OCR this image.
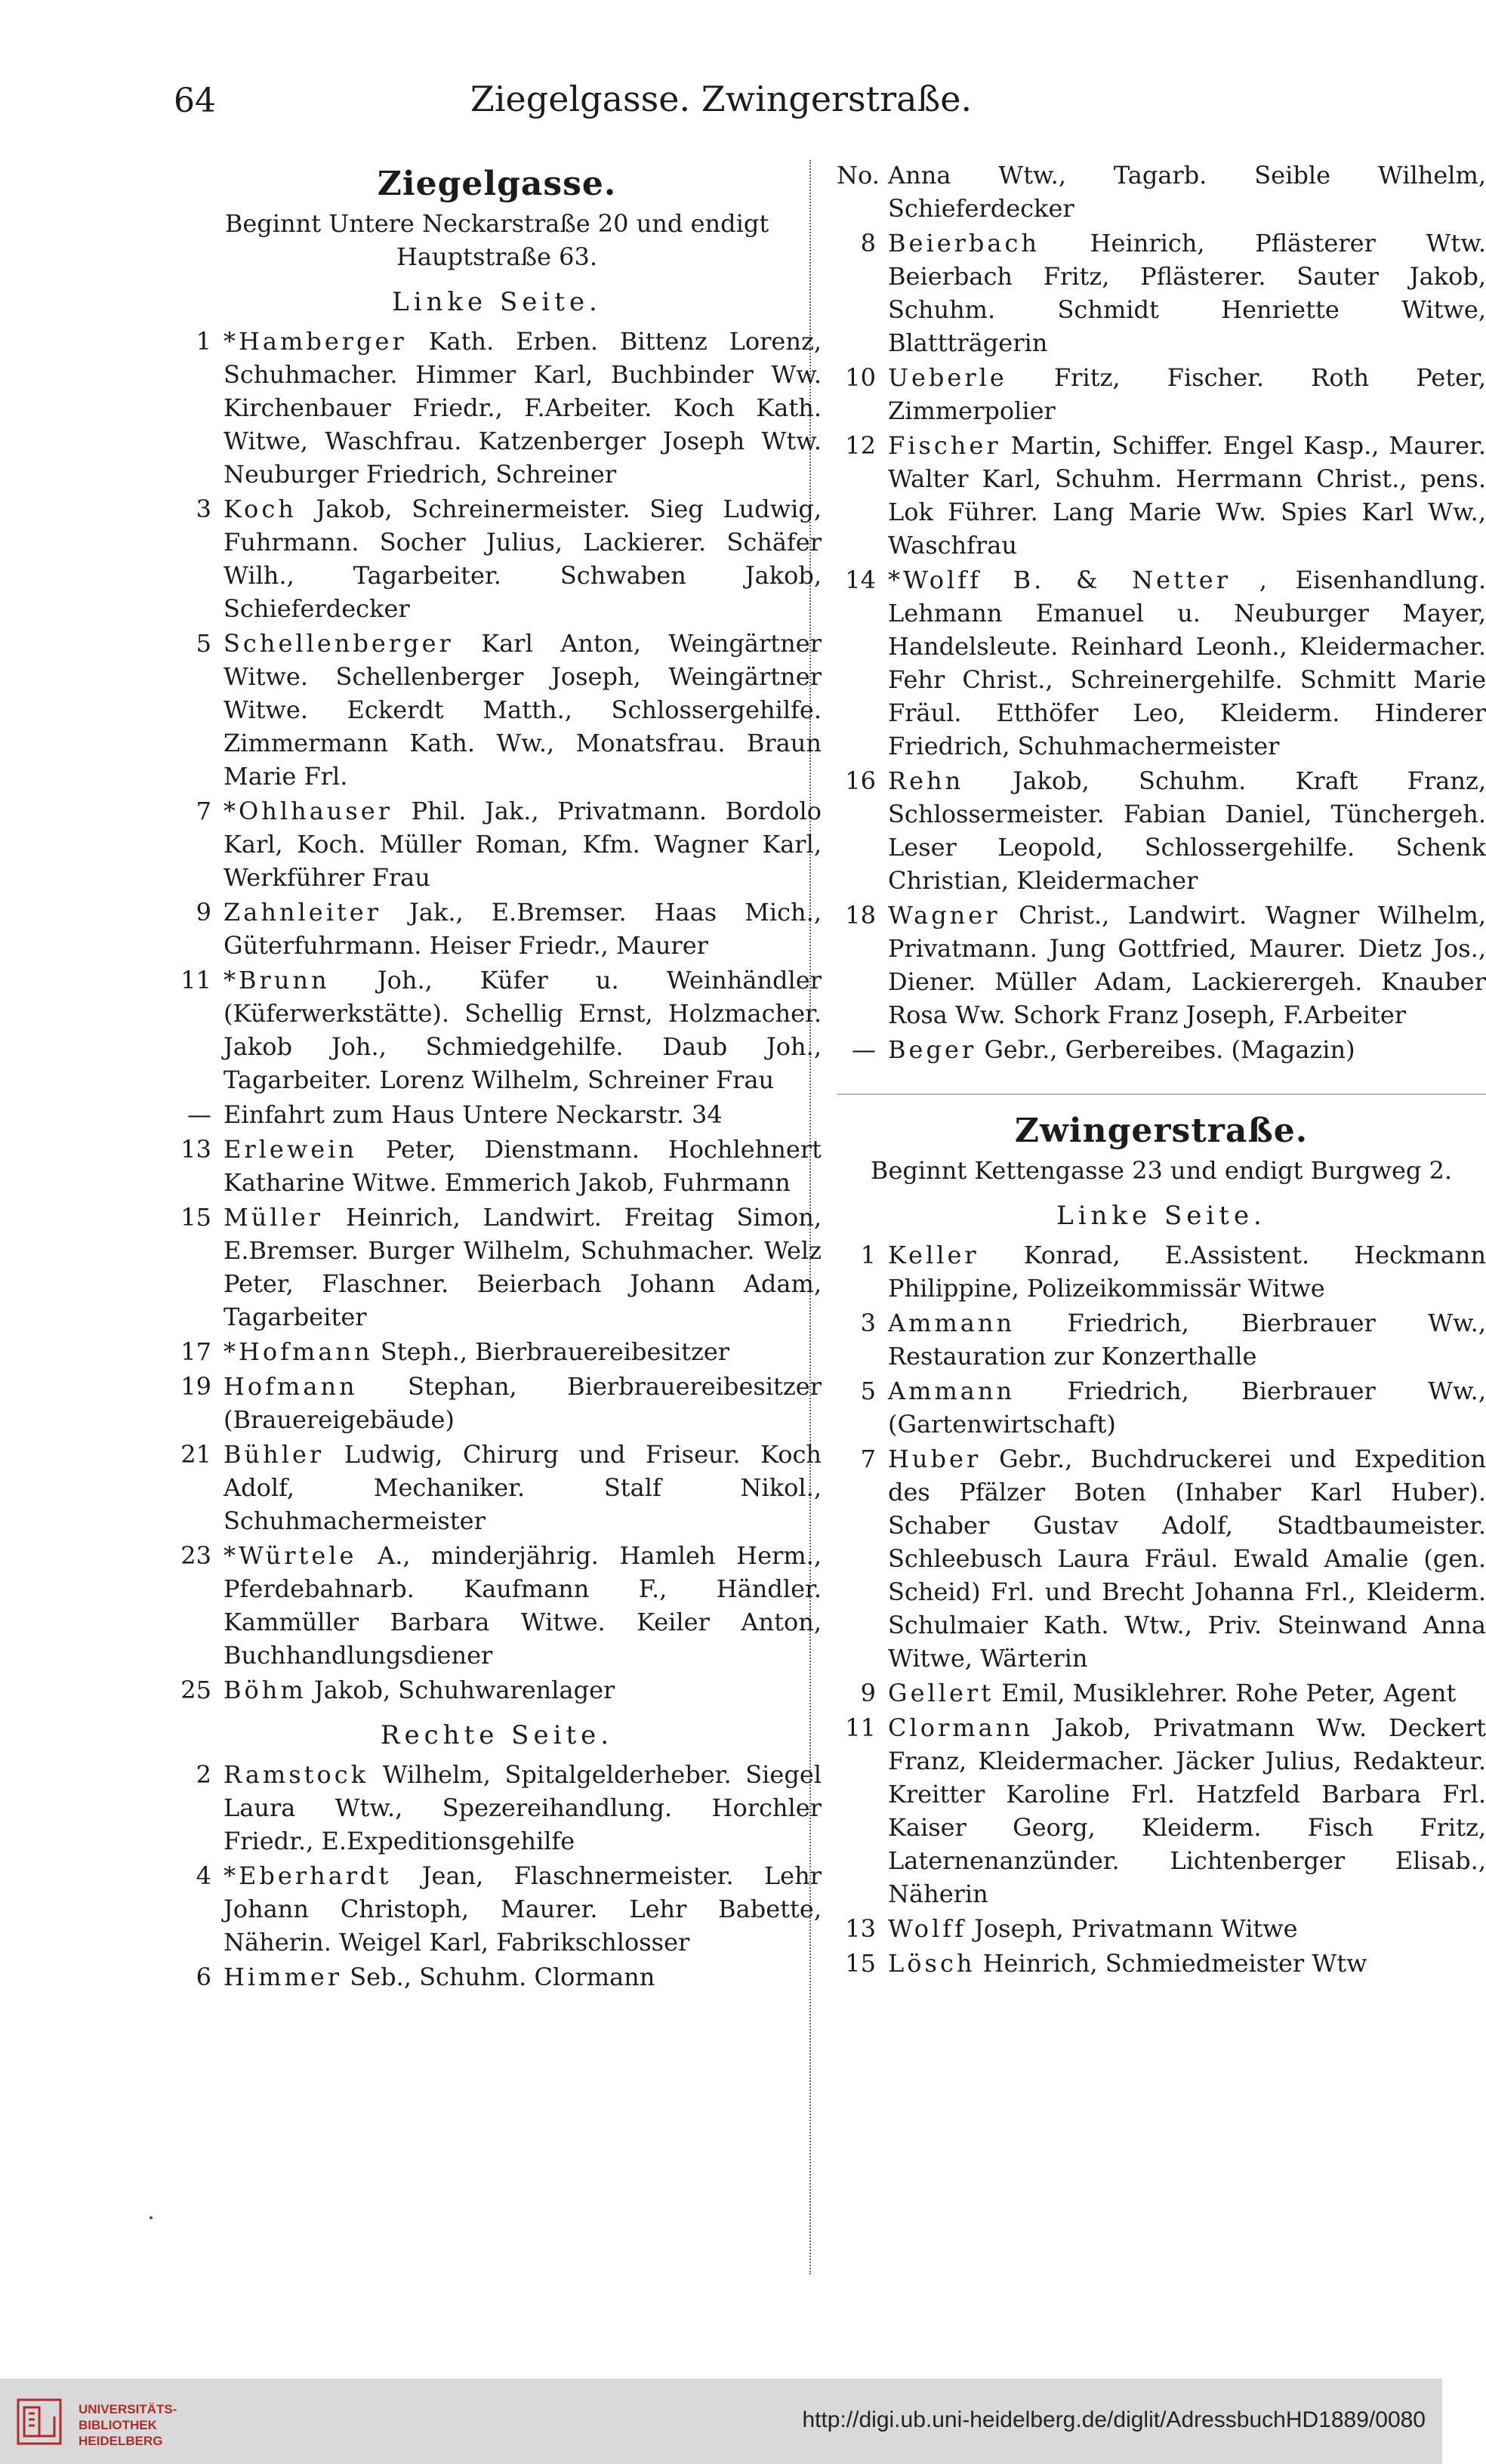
64	Ziegelgasse. Zwingerstraße.
Ziegelgasse.
Beginnt Untere Neckarstraße 20 und endigt Hauptstraße 63.
Linke Seite.
1 *Hamberger Kath. Erben. Bittenz Lorenz, Schuhmacher. Himmer Karl, Buchbinder Ww. Kirchenbauer Friedr., F.Arbeiter. Koch Kath. Witwe, Waschfrau. Katzenberger Joseph Wtw. Neuburger Friedrich, Schreiner
3 Koch Jakob, Schreinermeister. Sieg Ludwig, Fuhrmann. Socher Julius, Lackierer. Schäfer Wilh., Tagarbeiter. Schwaben Jakob, Schieferdecker
5 Schellenberger Karl Anton, Weingärtner Witwe. Schellenberger Joseph, Weingärtner Witwe. Eckerdt Matth., Schlossergehilfe. Zimmermann Kath. Ww., Monatsfrau. Braun Marie Frl.
7 *Ohlhauser Phil. Jak., Privatmann. Bordolo Karl, Koch. Müller Roman, Kfm. Wagner Karl, Werkführer Frau
9 Zahnleiter Jak., E.Bremser. Haas Mich., Güterfuhrmann. Heiser Friedr., Maurer
11 *Brunn Joh., Küfer u. Weinhändler (Küferwerkstätte). Schellig Ernst, Holzmacher. Jakob Joh., Schmiedgehilfe. Daub Joh., Tagarbeiter. Lorenz Wilhelm, Schreiner Frau
— Einfahrt zum Haus Untere Neckarstr. 34
13 Erlewein Peter, Dienstmann. Hochlehnert Katharine Witwe. Emmerich Jakob, Fuhrmann
15 Müller Heinrich, Landwirt. Freitag Simon, E.Bremser. Burger Wilhelm, Schuhmacher. Welz Peter, Flaschner. Beierbach Johann Adam, Tagarbeiter
17 *Hofmann Steph., Bierbrauereibesitzer
19 Hofmann Stephan, Bierbrauereibesitzer (Brauereigebäude)
21 Bühler Ludwig, Chirurg und Friseur. Koch Adolf, Mechaniker. Stalf Nikol., Schuhmachermeister
23 *Würtele A., minderjährig. Hamleh Herm., Pferdebahnarb. Kaufmann F., Händler. Kammüller Barbara Witwe. Keiler Anton, Buchhandlungsdiener
25 Böhm Jakob, Schuhwarenlager
Rechte Seite.
2 Ramstock Wilhelm, Spitalgelderheber. Siegel Laura Wtw., Spezereihandlung. Horchler Friedr., E.Expeditionsgehilfe
4 *Eberhardt Jean, Flaschnermeister. Lehr Johann Christoph, Maurer. Lehr Babette, Näherin. Weigel Karl, Fabrikschlosser
6 Himmer Seb., Schuhm. Clormann
No. Anna Wtw., Tagarb. Seible Wilhelm, Schieferdecker
8 Beierbach Heinrich, Pflästerer Wtw. Beierbach Fritz, Pflästerer. Sauter Jakob, Schuhm. Schmidt Henriette Witwe, Blattträgerin
10 Ueberle Fritz, Fischer. Roth Peter, Zimmerpolier
12 Fischer Martin, Schiffer. Engel Kasp., Maurer. Walter Karl, Schuhm. Herrmann Christ., pens. Lok Führer. Lang Marie Ww. Spies Karl Ww., Waschfrau
14 *Wolff B. & Netter , Eisenhandlung. Lehmann Emanuel u. Neuburger Mayer, Handelsleute. Reinhard Leonh., Kleidermacher. Fehr Christ., Schreinergehilfe. Schmitt Marie Fräul. Etthöfer Leo, Kleiderm. Hinderer Friedrich, Schuhmachermeister
16 Rehn Jakob, Schuhm. Kraft Franz, Schlossermeister. Fabian Daniel, Tünchergeh. Leser Leopold, Schlossergehilfe. Schenk Christian, Kleidermacher
18 Wagner Christ., Landwirt. Wagner Wilhelm, Privatmann. Jung Gottfried, Maurer. Dietz Jos., Diener. Müller Adam, Lackierergeh. Knauber Rosa Ww. Schork Franz Joseph, F.Arbeiter
— Beger Gebr., Gerbereibes. (Magazin)
Zwingerstraße.
Beginnt Kettengasse 23 und endigt Burgweg 2.
Linke Seite.
1 Keller Konrad, E.Assistent. Heckmann Philippine, Polizeikommissär Witwe
3 Ammann Friedrich, Bierbrauer Ww., Restauration zur Konzerthalle
5 Ammann Friedrich, Bierbrauer Ww., (Gartenwirtschaft)
7 Huber Gebr., Buchdruckerei und Expedition des Pfälzer Boten (Inhaber Karl Huber). Schaber Gustav Adolf, Stadtbaumeister. Schleebusch Laura Fräul. Ewald Amalie (gen. Scheid) Frl. und Brecht Johanna Frl., Kleiderm. Schulmaier Kath. Wtw., Priv. Steinwand Anna Witwe, Wärterin
9 Gellert Emil, Musiklehrer. Rohe Peter, Agent
11 Clormann Jakob, Privatmann Ww. Deckert Franz, Kleidermacher. Jäcker Julius, Redakteur. Kreitter Karoline Frl. Hatzfeld Barbara Frl. Kaiser Georg, Kleiderm. Fisch Fritz, Laternenanzünder. Lichtenberger Elisab., Näherin
13 Wolff Joseph, Privatmann Witwe
15 Lösch Heinrich, Schmiedmeister Wtw
UNIVERSITÄTS-
BIBLIOTHEK
HEIDELBERG
http://digi.ub.uni-heidelberg.de/diglit/AdressbuchHD1889/0080
